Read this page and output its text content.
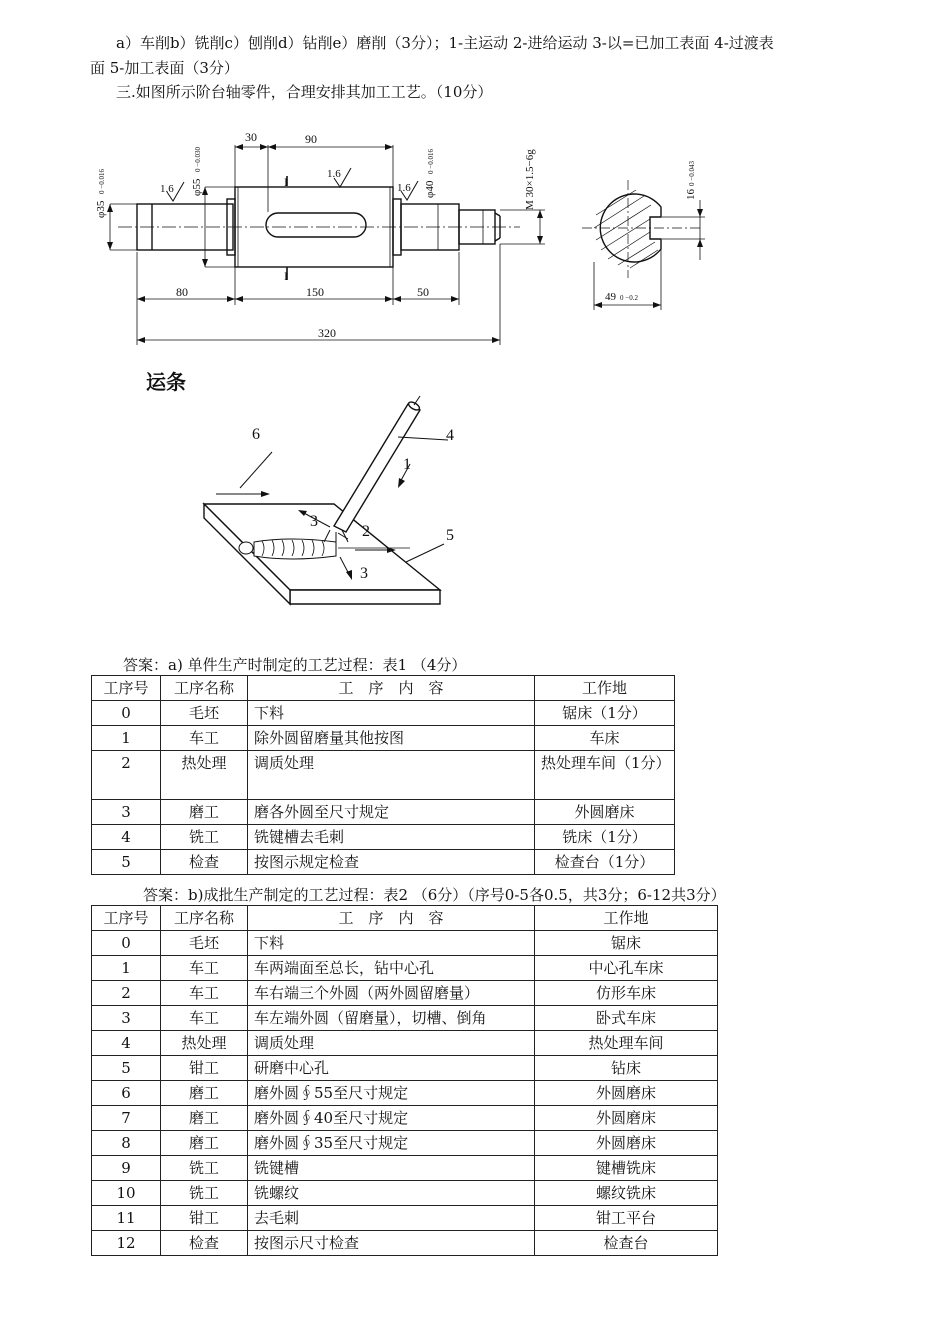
a）车削b）铣削c）刨削d）钻削e）磨削（3分）；1-主运动 2-进给运动 3-以=已加工表面 4-过渡表
面 5-加工表面（3分）
三.如图所示阶台轴零件，合理安排其加工工艺。（10分）
30	90
80	150	50
320
1.6
1.6
1.6
I
I
φ35
0 −0.016	φ55
0 −0.030
φ40
0 −0.016	M 30×1.5−6g	16
0 −0.043
49 0 −0.2
运条
6	4
1
3
2	5
3
答案：a) 单件生产时制定的工艺过程：表1 （4分）
工序号	工序名称	工　序　内　容	工作地
0	毛坯	下料	锯床（1分）
1	车工	除外圆留磨量其他按图	车床
2	热处理	调质处理	热处理车间（1分）
3	磨工	磨各外圆至尺寸规定	外圆磨床
4	铣工	铣键槽去毛刺	铣床（1分）
5	检查	按图示规定检查	检查台（1分）
答案：b)成批生产制定的工艺过程：表2 （6分）（序号0-5各0.5，共3分；6-12共3分）
工序号	工序名称	工　序　内　容	工作地
0	毛坯	下料	锯床
1	车工	车两端面至总长，钻中心孔	中心孔车床
2	车工	车右端三个外圆（两外圆留磨量）	仿形车床
3	车工	车左端外圆（留磨量），切槽、倒角	卧式车床
4	热处理	调质处理	热处理车间
5	钳工	研磨中心孔	钻床
6	磨工	磨外圆∮55至尺寸规定	外圆磨床
7	磨工	磨外圆∮40至尺寸规定	外圆磨床
8	磨工	磨外圆∮35至尺寸规定	外圆磨床
9	铣工	铣键槽	键槽铣床
10	铣工	铣螺纹	螺纹铣床
11	钳工	去毛刺	钳工平台
12	检查	按图示尺寸检查	检查台
